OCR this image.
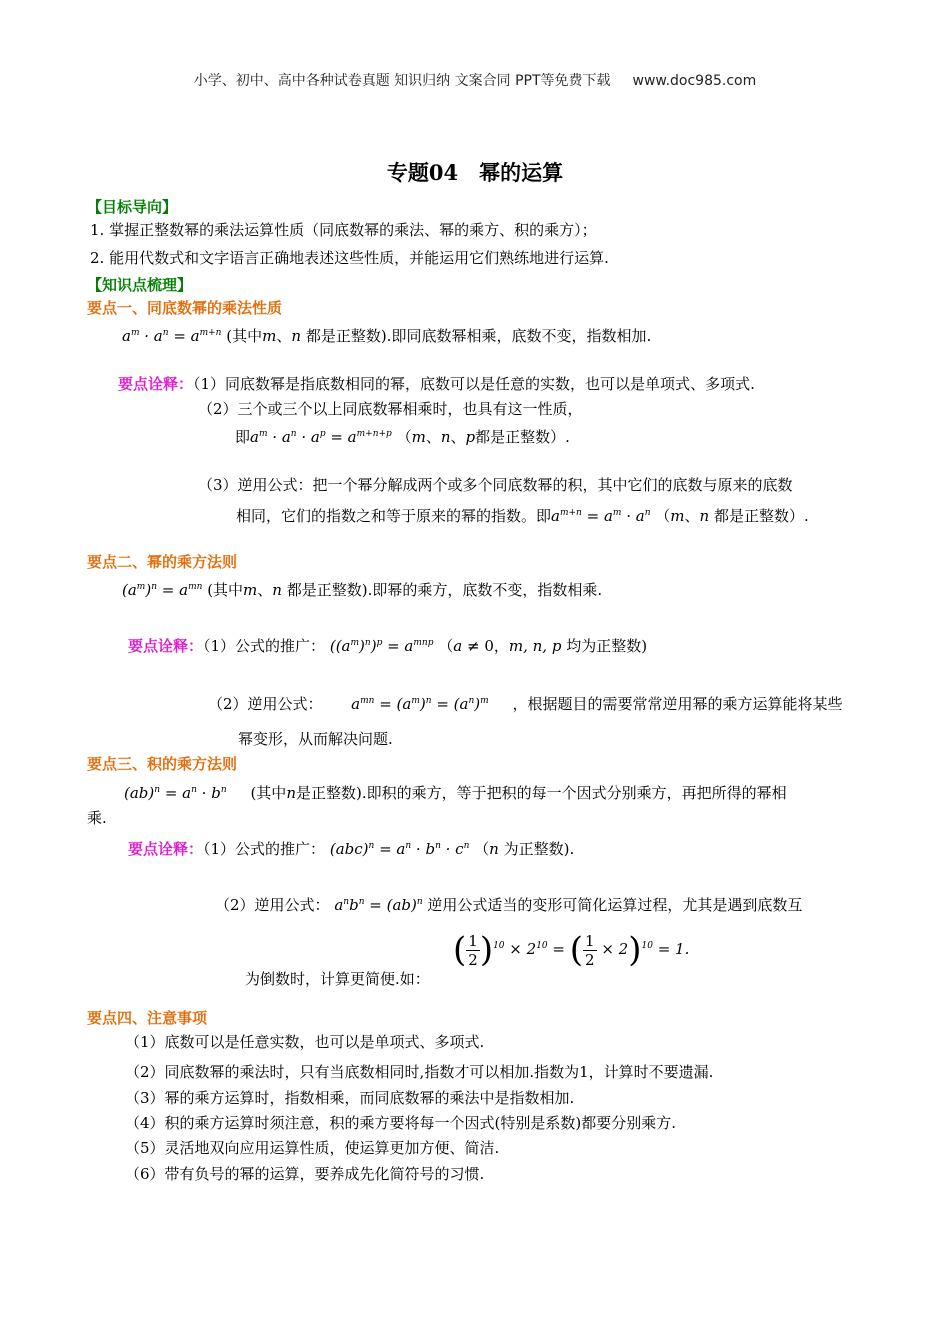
小学、初中、高中各种试卷真题 知识归纳 文案合同 PPT等免费下载 www.doc985.com
专题04　幂的运算
【目标导向】
1. 掌握正整数幂的乘法运算性质（同底数幂的乘法、幂的乘方、积的乘方）；
2. 能用代数式和文字语言正确地表述这些性质，并能运用它们熟练地进行运算.
【知识点梳理】
要点一、同底数幂的乘法性质
$a^m \cdot a^n = a^{m+n}$ (其中m、n 都是正整数).即同底数幂相乘，底数不变，指数相加.
要点诠释：（1）同底数幂是指底数相同的幂，底数可以是任意的实数，也可以是单项式、多项式.
（2）三个或三个以上同底数幂相乘时，也具有这一性质，
即$a^m \cdot a^n \cdot a^p = a^{m+n+p}$ （m、n、p都是正整数）.
（3）逆用公式：把一个幂分解成两个或多个同底数幂的积，其中它们的底数与原来的底数
相同，它们的指数之和等于原来的幂的指数。即$a^{m+n} = a^m \cdot a^n$ （m、n 都是正整数）.
要点二、幂的乘方法则
$(a^m)^n = a^{mn}$ (其中m、n 都是正整数).即幂的乘方，底数不变，指数相乘.
要点诠释：（1）公式的推广： $((a^m)^n)^p = a^{mnp}$ （a ≠ 0，m, n, p 均为正整数)
（2）逆用公式： $a^{mn} = (a^m)^n = (a^n)^m$ ，根据题目的需要常常逆用幂的乘方运算能将某些
幂变形，从而解决问题.
要点三、积的乘方法则
$(ab)^n = a^n \cdot b^n$ (其中n是正整数).即积的乘方，等于把积的每一个因式分别乘方，再把所得的幂相
乘.
要点诠释：（1）公式的推广： $(abc)^n = a^n \cdot b^n \cdot c^n$ （n 为正整数).
（2）逆用公式： $a^nb^n = (ab)^n$ 逆用公式适当的变形可简化运算过程，尤其是遇到底数互
为倒数时，计算更简便.如：
( $\frac{1}{2} )^{10} \times 2^{10}$ = ( $\frac{1}{2} \times 2)^{10} = 1$.
要点四、注意事项
（1）底数可以是任意实数，也可以是单项式、多项式.
（2）同底数幂的乘法时，只有当底数相同时,指数才可以相加.指数为1，计算时不要遗漏.
（3）幂的乘方运算时，指数相乘，而同底数幂的乘法中是指数相加.
（4）积的乘方运算时须注意，积的乘方要将每一个因式(特别是系数)都要分别乘方.
（5）灵活地双向应用运算性质，使运算更加方便、简洁.
（6）带有负号的幂的运算，要养成先化简符号的习惯.
